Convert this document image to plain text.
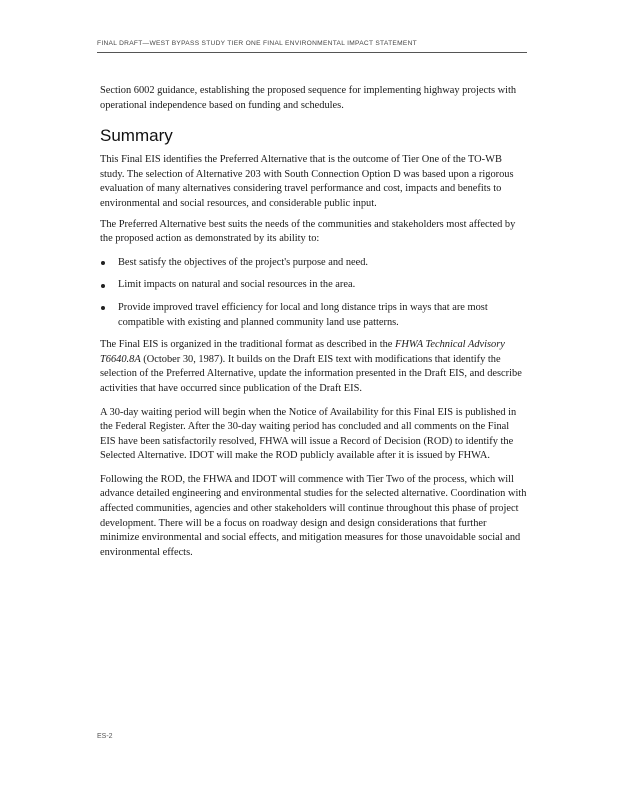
FINAL DRAFT—WEST BYPASS STUDY TIER ONE FINAL ENVIRONMENTAL IMPACT STATEMENT

Section 6002 guidance, establishing the proposed sequence for implementing highway projects with operational independence based on funding and schedules.

Summary

This Final EIS identifies the Preferred Alternative that is the outcome of Tier One of the TO-WB study. The selection of Alternative 203 with South Connection Option D was based upon a rigorous evaluation of many alternatives considering travel performance and cost, impacts and benefits to environmental and social resources, and considerable public input.

The Preferred Alternative best suits the needs of the communities and stakeholders most affected by the proposed action as demonstrated by its ability to:

Best satisfy the objectives of the project's purpose and need.
Limit impacts on natural and social resources in the area.
Provide improved travel efficiency for local and long distance trips in ways that are most compatible with existing and planned community land use patterns.

The Final EIS is organized in the traditional format as described in the FHWA Technical Advisory T6640.8A (October 30, 1987). It builds on the Draft EIS text with modifications that identify the selection of the Preferred Alternative, update the information presented in the Draft EIS, and describe activities that have occurred since publication of the Draft EIS.

A 30-day waiting period will begin when the Notice of Availability for this Final EIS is published in the Federal Register. After the 30-day waiting period has concluded and all comments on the Final EIS have been satisfactorily resolved, FHWA will issue a Record of Decision (ROD) to identify the Selected Alternative. IDOT will make the ROD publicly available after it is issued by FHWA.

Following the ROD, the FHWA and IDOT will commence with Tier Two of the process, which will advance detailed engineering and environmental studies for the selected alternative. Coordination with affected communities, agencies and other stakeholders will continue throughout this phase of project development. There will be a focus on roadway design and design considerations that further minimize environmental and social effects, and mitigation measures for those unavoidable social and environmental effects.

ES-2
